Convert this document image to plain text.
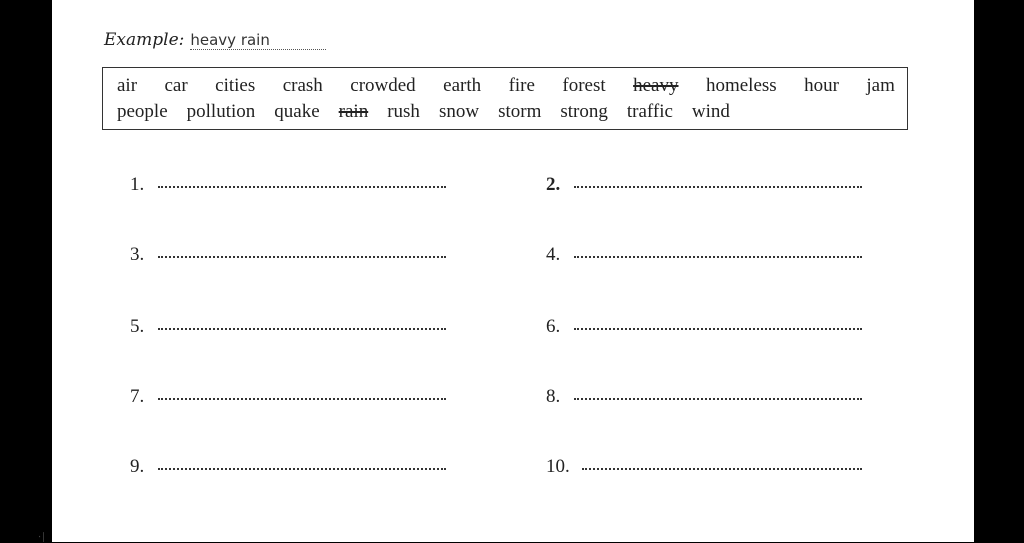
Example: heavy rain
air car cities crash crowded earth fire forest heavy homeless hour jam
people pollution quake rain rush snow storm strong traffic wind
1.	2.
3.	4.
5.	6.
7.	8.
9.	10.
⋅∣
